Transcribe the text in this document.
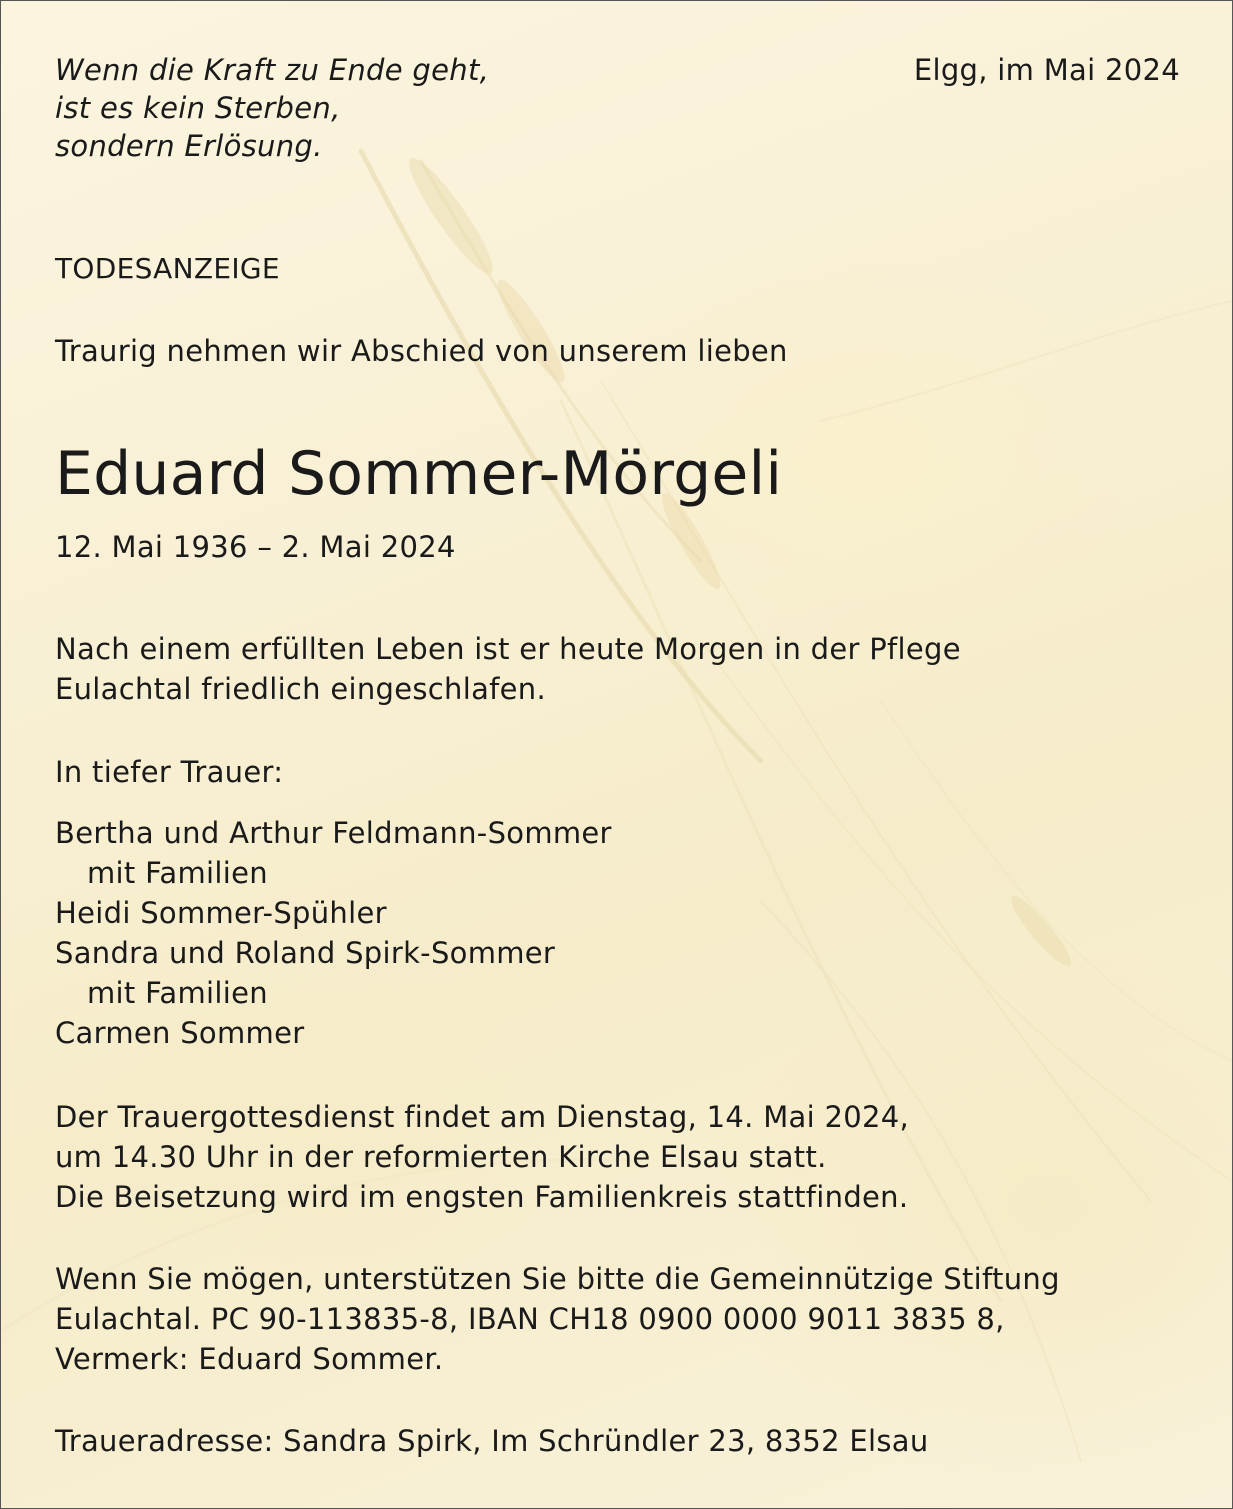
Wenn die Kraft zu Ende geht,
ist es kein Sterben,
sondern Erlösung.
Elgg, im Mai 2024
TODESANZEIGE
Traurig nehmen wir Abschied von unserem lieben
Eduard Sommer-Mörgeli
12. Mai 1936 – 2. Mai 2024
Nach einem erfüllten Leben ist er heute Morgen in der Pflege
Eulachtal friedlich eingeschlafen.
In tiefer Trauer:
Bertha und Arthur Feldmann-Sommer
mit Familien
Heidi Sommer-Spühler
Sandra und Roland Spirk-Sommer
mit Familien
Carmen Sommer
Der Trauergottesdienst findet am Dienstag, 14. Mai 2024,
um 14.30 Uhr in der reformierten Kirche Elsau statt.
Die Beisetzung wird im engsten Familienkreis stattfinden.
Wenn Sie mögen, unterstützen Sie bitte die Gemeinnützige Stiftung
Eulachtal. PC 90-113835-8, IBAN CH18 0900 0000 9011 3835 8,
Vermerk: Eduard Sommer.
Traueradresse: Sandra Spirk, Im Schründler 23, 8352 Elsau
